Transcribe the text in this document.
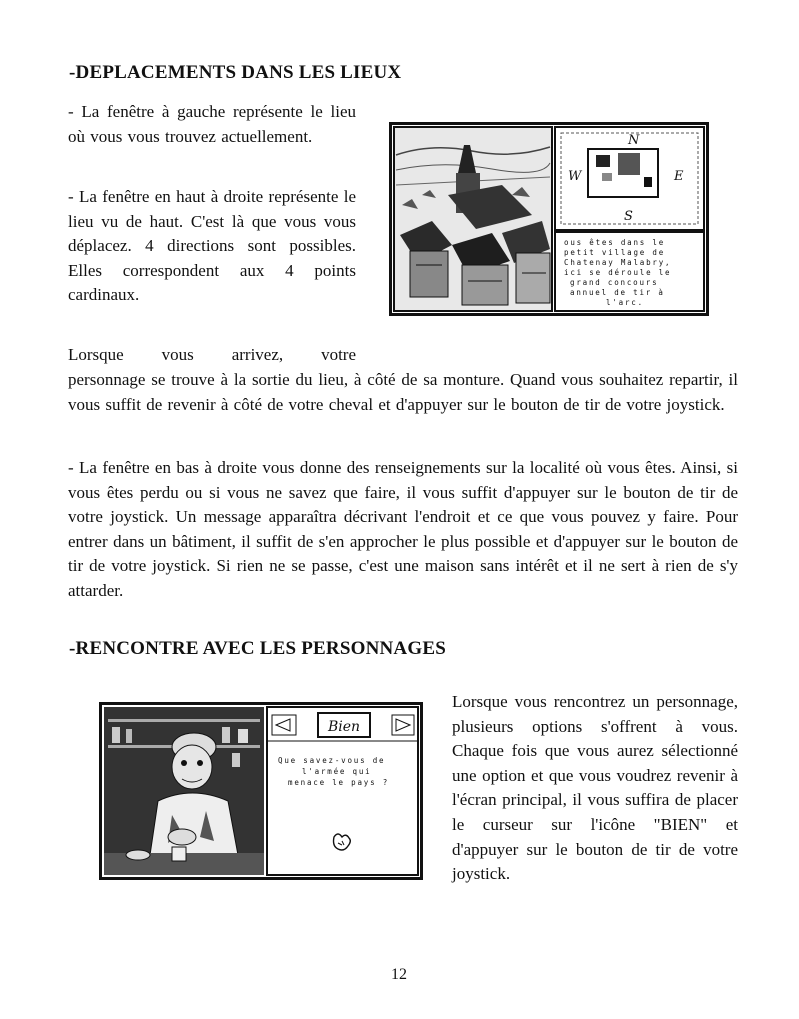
-DEPLACEMENTS DANS LES LIEUX

- La fenêtre à gauche représente le lieu où vous vous trouvez actuellement.

- La fenêtre en haut à droite représente le lieu vu de haut. C'est là que vous vous déplacez. 4 directions sont possibles. Elles correspondent aux 4 points cardinaux.

Lorsque vous arrivez, votre

personnage se trouve à la sortie du lieu, à côté de sa monture. Quand vous souhaitez repartir, il vous suffit de revenir à côté de votre cheval et d'appuyer sur le bouton de tir de votre joystick.

- La fenêtre en bas à droite vous donne des renseignements sur la localité où vous êtes. Ainsi, si vous êtes perdu ou si vous ne savez que faire, il vous suffit d'appuyer sur le bouton de tir de votre joystick. Un message apparaîtra décrivant l'endroit et ce que vous pouvez y faire. Pour entrer dans un bâtiment, il suffit de s'en approcher le plus possible et d'appuyer sur le bouton de tir de votre joystick. Si rien ne se passe, c'est une maison sans intérêt et il ne sert à rien de s'y attarder.

N
W	E
S
ous êtes dans le
petit village de
Chatenay Malabry,
ici se déroule le
grand concours
annuel de tir à
l'arc.
-RENCONTRE AVEC LES PERSONNAGES
Bien
Que savez-vous de
l'armée qui
menace le pays ?

Lorsque vous rencontrez un personnage, plusieurs options s'offrent à vous. Chaque fois que vous aurez sélectionné une option et que vous voudrez revenir à l'écran principal, il vous suffira de placer le curseur sur l'icône "BIEN" et d'appuyer sur le bouton de tir de votre joystick.

12
